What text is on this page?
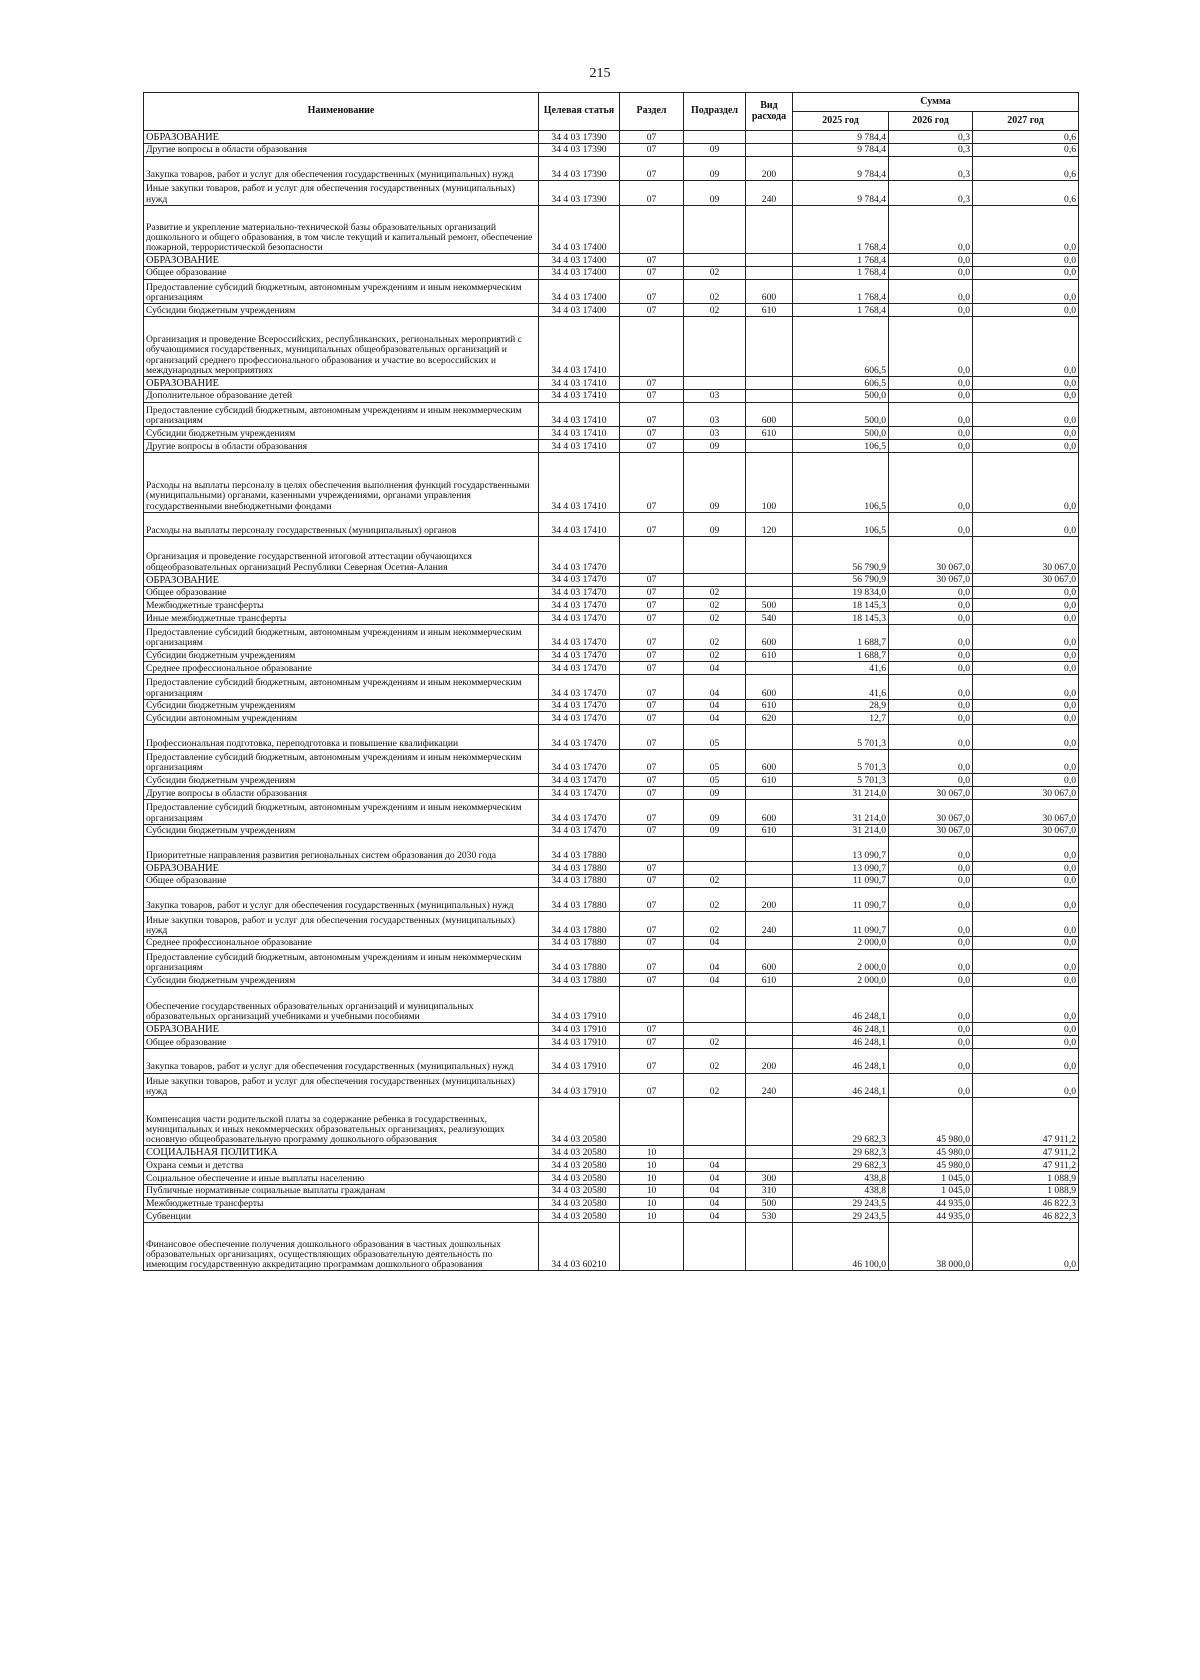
215
Наименование	Целевая статья	Раздел	Подраздел	Вид расхода	Сумма		
					2025 год	2026 год	2027 год
ОБРАЗОВАНИЕ	34 4 03 17390	07			9 784,4	0,3	0,6
Другие вопросы в области образования	34 4 03 17390	07	09		9 784,4	0,3	0,6
Закупка товаров, работ и услуг для обеспечения государственных (муниципальных) нужд	34 4 03 17390	07	09	200	9 784,4	0,3	0,6
Иные закупки товаров, работ и услуг для обеспечения государственных (муниципальных) нужд	34 4 03 17390	07	09	240	9 784,4	0,3	0,6
Развитие и укрепление материально-технической базы образовательных организаций дошкольного и общего образования, в том числе текущий и капитальный ремонт, обеспечение пожарной, террористической безопасности	34 4 03 17400				1 768,4	0,0	0,0
ОБРАЗОВАНИЕ	34 4 03 17400	07			1 768,4	0,0	0,0
Общее образование	34 4 03 17400	07	02		1 768,4	0,0	0,0
Предоставление субсидий бюджетным, автономным учреждениям и иным некоммерческим организациям	34 4 03 17400	07	02	600	1 768,4	0,0	0,0
Субсидии бюджетным учреждениям	34 4 03 17400	07	02	610	1 768,4	0,0	0,0
Организация и проведение Всероссийских, республиканских, региональных мероприятий с обучающимися государственных, муниципальных общеобразовательных организаций и организаций среднего профессионального образования и участие во всероссийских и международных мероприятиях	34 4 03 17410				606,5	0,0	0,0
ОБРАЗОВАНИЕ	34 4 03 17410	07			606,5	0,0	0,0
Дополнительное образование детей	34 4 03 17410	07	03		500,0	0,0	0,0
Предоставление субсидий бюджетным, автономным учреждениям и иным некоммерческим организациям	34 4 03 17410	07	03	600	500,0	0,0	0,0
Субсидии бюджетным учреждениям	34 4 03 17410	07	03	610	500,0	0,0	0,0
Другие вопросы в области образования	34 4 03 17410	07	09		106,5	0,0	0,0
Расходы на выплаты персоналу в целях обеспечения выполнения функций государственными (муниципальными) органами, казенными учреждениями, органами управления государственными внебюджетными фондами	34 4 03 17410	07	09	100	106,5	0,0	0,0
Расходы на выплаты персоналу государственных (муниципальных) органов	34 4 03 17410	07	09	120	106,5	0,0	0,0
Организация и проведение государственной итоговой аттестации обучающихся общеобразовательных организаций Республики Северная Осетия-Алания	34 4 03 17470				56 790,9	30 067,0	30 067,0
ОБРАЗОВАНИЕ	34 4 03 17470	07			56 790,9	30 067,0	30 067,0
Общее образование	34 4 03 17470	07	02		19 834,0	0,0	0,0
Межбюджетные трансферты	34 4 03 17470	07	02	500	18 145,3	0,0	0,0
Иные межбюджетные трансферты	34 4 03 17470	07	02	540	18 145,3	0,0	0,0
Предоставление субсидий бюджетным, автономным учреждениям и иным некоммерческим организациям	34 4 03 17470	07	02	600	1 688,7	0,0	0,0
Субсидии бюджетным учреждениям	34 4 03 17470	07	02	610	1 688,7	0,0	0,0
Среднее профессиональное образование	34 4 03 17470	07	04		41,6	0,0	0,0
Предоставление субсидий бюджетным, автономным учреждениям и иным некоммерческим организациям	34 4 03 17470	07	04	600	41,6	0,0	0,0
Субсидии бюджетным учреждениям	34 4 03 17470	07	04	610	28,9	0,0	0,0
Субсидии автономным учреждениям	34 4 03 17470	07	04	620	12,7	0,0	0,0
Профессиональная подготовка, переподготовка и повышение квалификации	34 4 03 17470	07	05		5 701,3	0,0	0,0
Предоставление субсидий бюджетным, автономным учреждениям и иным некоммерческим организациям	34 4 03 17470	07	05	600	5 701,3	0,0	0,0
Субсидии бюджетным учреждениям	34 4 03 17470	07	05	610	5 701,3	0,0	0,0
Другие вопросы в области образования	34 4 03 17470	07	09		31 214,0	30 067,0	30 067,0
Предоставление субсидий бюджетным, автономным учреждениям и иным некоммерческим организациям	34 4 03 17470	07	09	600	31 214,0	30 067,0	30 067,0
Субсидии бюджетным учреждениям	34 4 03 17470	07	09	610	31 214,0	30 067,0	30 067,0
Приоритетные направления развития региональных систем образования до 2030 года	34 4 03 17880				13 090,7	0,0	0,0
ОБРАЗОВАНИЕ	34 4 03 17880	07			13 090,7	0,0	0,0
Общее образование	34 4 03 17880	07	02		11 090,7	0,0	0,0
Закупка товаров, работ и услуг для обеспечения государственных (муниципальных) нужд	34 4 03 17880	07	02	200	11 090,7	0,0	0,0
Иные закупки товаров, работ и услуг для обеспечения государственных (муниципальных) нужд	34 4 03 17880	07	02	240	11 090,7	0,0	0,0
Среднее профессиональное образование	34 4 03 17880	07	04		2 000,0	0,0	0,0
Предоставление субсидий бюджетным, автономным учреждениям и иным некоммерческим организациям	34 4 03 17880	07	04	600	2 000,0	0,0	0,0
Субсидии бюджетным учреждениям	34 4 03 17880	07	04	610	2 000,0	0,0	0,0
Обеспечение государственных образовательных организаций и муниципальных образовательных организаций учебниками и учебными пособиями	34 4 03 17910				46 248,1	0,0	0,0
ОБРАЗОВАНИЕ	34 4 03 17910	07			46 248,1	0,0	0,0
Общее образование	34 4 03 17910	07	02		46 248,1	0,0	0,0
Закупка товаров, работ и услуг для обеспечения государственных (муниципальных) нужд	34 4 03 17910	07	02	200	46 248,1	0,0	0,0
Иные закупки товаров, работ и услуг для обеспечения государственных (муниципальных) нужд	34 4 03 17910	07	02	240	46 248,1	0,0	0,0
Компенсация части родительской платы за содержание ребенка в государственных, муниципальных и иных некоммерческих образовательных организациях, реализующих основную общеобразовательную программу дошкольного образования	34 4 03 20580				29 682,3	45 980,0	47 911,2
СОЦИАЛЬНАЯ ПОЛИТИКА	34 4 03 20580	10			29 682,3	45 980,0	47 911,2
Охрана семьи и детства	34 4 03 20580	10	04		29 682,3	45 980,0	47 911,2
Социальное обеспечение и иные выплаты населению	34 4 03 20580	10	04	300	438,8	1 045,0	1 088,9
Публичные нормативные социальные выплаты гражданам	34 4 03 20580	10	04	310	438,8	1 045,0	1 088,9
Межбюджетные трансферты	34 4 03 20580	10	04	500	29 243,5	44 935,0	46 822,3
Субвенции	34 4 03 20580	10	04	530	29 243,5	44 935,0	46 822,3
Финансовое обеспечение получения дошкольного образования в частных дошкольных образовательных организациях, осуществляющих образовательную деятельность по имеющим государственную аккредитацию программам дошкольного образования	34 4 03 60210				46 100,0	38 000,0	0,0
